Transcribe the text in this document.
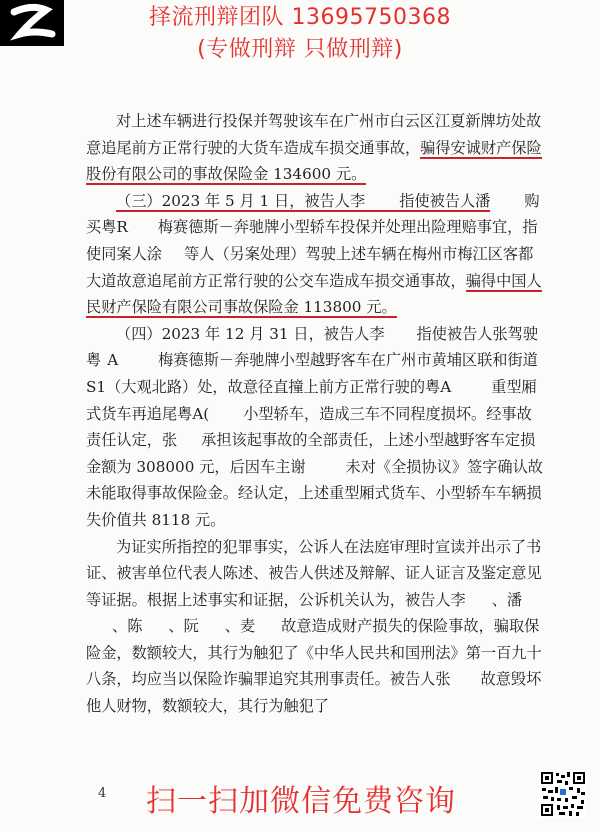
择流刑辩团队 13695750368
(专做刑辩 只做刑辩)

对上述车辆进行投保并驾驶该车在广州市白云区江夏新牌坊处故意追尾前方正常行驶的大货车造成车损交通事故，骗得安诚财产保险股份有限公司的事故保险金 134600 元。

（三）2023 年 5 月 1 日，被告人李 指使被告人潘 购买粤R 梅赛德斯－奔驰牌小型轿车投保并处理出险理赔事宜，指使同案人涂 等人（另案处理）驾驶上述车辆在梅州市梅江区客都大道故意追尾前方正常行驶的公交车造成车损交通事故，骗得中国人民财产保险有限公司事故保险金 113800 元。

（四）2023 年 12 月 31 日，被告人李 指使被告人张驾驶粤 A	梅赛德斯－奔驰牌小型越野客车在广州市黄埔区联和街道 S1（大观北路）处，故意径直撞上前方正常行驶的粤A	重型厢式货车再追尾粤A( 小型轿车，造成三车不同程度损坏。经事故责任认定，张 承担该起事故的全部责任，上述小型越野客车定损金额为 308000 元，后因车主谢	未对《全损协议》签字确认故未能取得事故保险金。经认定，上述重型厢式货车、小型轿车车辆损失价值共 8118 元。

为证实所指控的犯罪事实，公诉人在法庭审理时宣读并出示了书证、被害单位代表人陈述、被告人供述及辩解、证人证言及鉴定意见等证据。根据上述事实和证据，公诉机关认为，被告人李 、潘、陈 、阮 、麦 故意造成财产损失的保险事故，骗取保险金，数额较大，其行为触犯了《中华人民共和国刑法》第一百九十八条，均应当以保险诈骗罪追究其刑事责任。被告人张 故意毁坏他人财物，数额较大，其行为触犯了

4 扫一扫加微信免费咨询
